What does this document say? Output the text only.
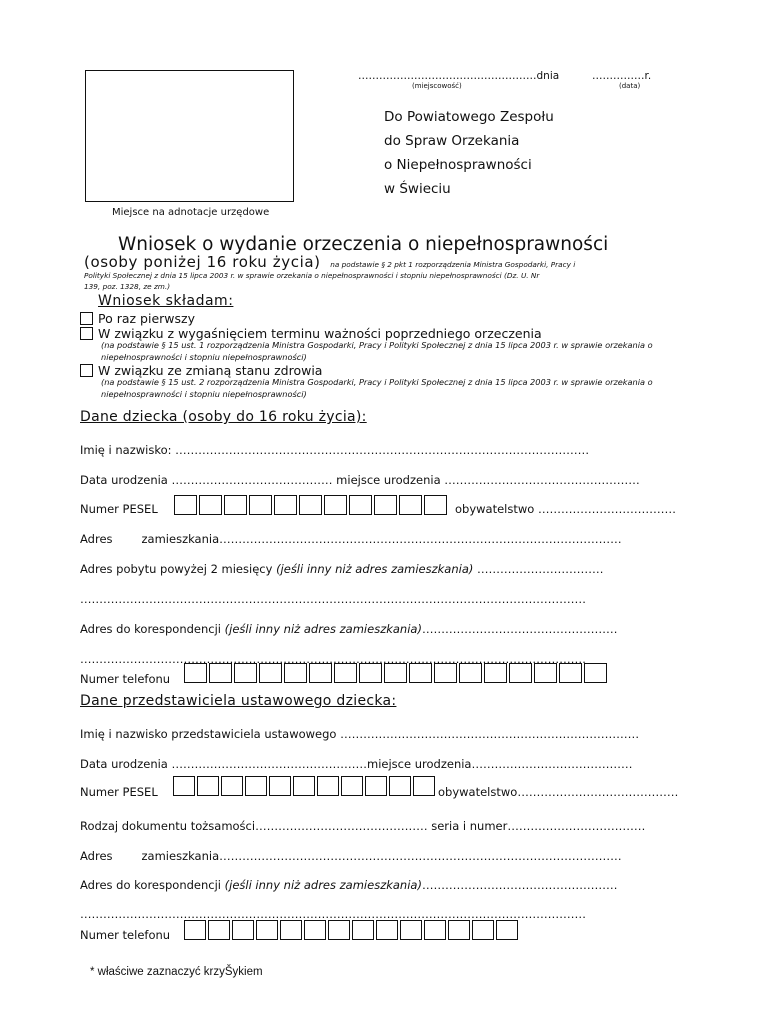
……………………………………………dnia	……………r.
(miejscowość)	(data)
Miejsce na adnotacje urzędowe
Do Powiatowego Zespołu
do Spraw Orzekania
o Niepełnosprawności
w Świeciu
Wniosek o wydanie orzeczenia o niepełnosprawności
(osoby poniżej 16 roku życia) na podstawie § 2 pkt 1 rozporządzenia Ministra Gospodarki, Pracy i
Polityki Społecznej z dnia 15 lipca 2003 r. w sprawie orzekania o niepełnosprawności i stopniu niepełnosprawności (Dz. U. Nr
139, poz. 1328, ze zm.)
Wniosek składam:
Po raz pierwszy
W związku z wygaśnięciem terminu ważności poprzedniego orzeczenia
(na podstawie § 15 ust. 1 rozporządzenia Ministra Gospodarki, Pracy i Polityki Społecznej z dnia 15 lipca 2003 r. w sprawie orzekania o niepełnosprawności i stopniu niepełnosprawności)
W związku ze zmianą stanu zdrowia
(na podstawie § 15 ust. 2 rozporządzenia Ministra Gospodarki, Pracy i Polityki Społecznej z dnia 15 lipca 2003 r. w sprawie orzekania o niepełnosprawności i stopniu niepełnosprawności)
Dane dziecka (osoby do 16 roku życia):
Imię i nazwisko: ………………………………………………………………………………………………
Data urodzenia …………………………………… miejsce urodzenia ……………………………………………
Numer PESEL	obywatelstwo ………………………………
Adres	zamieszkania……………………………………………………………………………………………
Adres pobytu powyżej 2 miesięcy (jeśli inny niż adres zamieszkania) ……………………………
……………………………………………………………………………………………………………………
Adres do korespondencji (jeśli inny niż adres zamieszkania)……………………………………………
……………………………………………………………………………………………………………………
Numer telefonu
Dane przedstawiciela ustawowego dziecka:
Imię i nazwisko przedstawiciela ustawowego ……………………………………………………………………
Data urodzenia ……………………………………………miejsce urodzenia……………………………………
Numer PESEL	obywatelstwo……………………………………
Rodzaj dokumentu tożsamości……………………………………… seria i numer………………………………
Adres	zamieszkania……………………………………………………………………………………………
Adres do korespondencji (jeśli inny niż adres zamieszkania)……………………………………………
……………………………………………………………………………………………………………………
Numer telefonu
* właściwe zaznaczyć krzyŠykiem
